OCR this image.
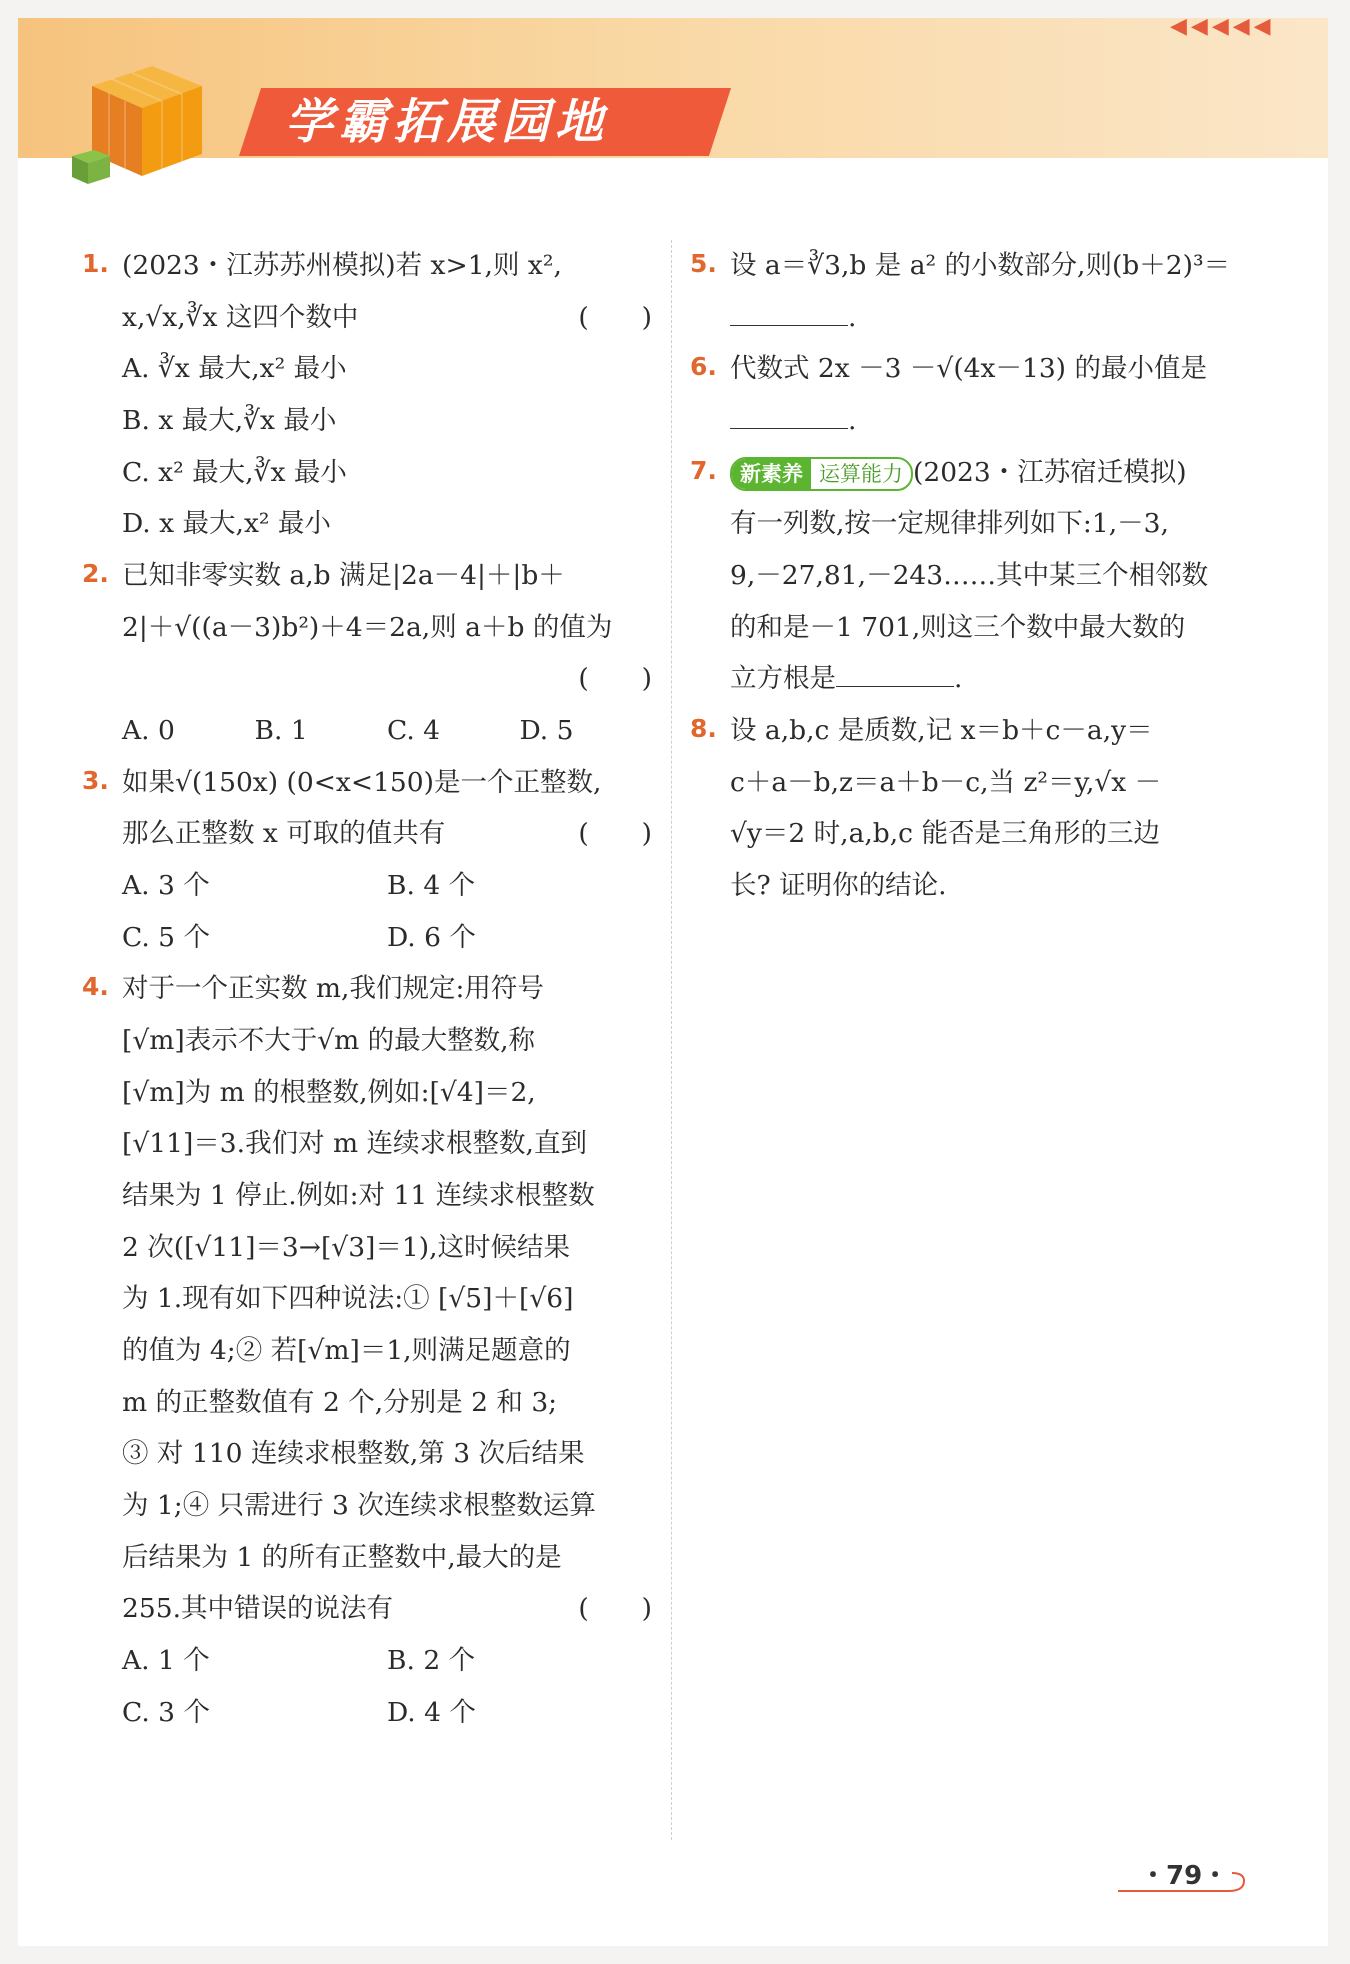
学霸拓展园地
◀◀◀◀◀
1. (2023・江苏苏州模拟)若 x>1,则 x²,
x,√x,∛x 这四个数中	(　　)
A. ∛x 最大,x² 最小
B. x 最大,∛x 最小
C. x² 最大,∛x 最小
D. x 最大,x² 最小
2. 已知非零实数 a,b 满足|2a－4|＋|b＋
2|＋√((a－3)b²)＋4＝2a,则 a＋b 的值为
(　　)

A. 0	B. 1	C. 4	D. 5
3. 如果√(150x) (0<x<150)是一个正整数,
那么正整数 x 可取的值共有	(　　)
A. 3 个	B. 4 个
C. 5 个	D. 6 个
4. 对于一个正实数 m,我们规定:用符号
[√m]表示不大于√m 的最大整数,称
[√m]为 m 的根整数,例如:[√4]＝2,
[√11]＝3.我们对 m 连续求根整数,直到
结果为 1 停止.例如:对 11 连续求根整数
2 次([√11]＝3→[√3]＝1),这时候结果
为 1.现有如下四种说法:① [√5]＋[√6]
的值为 4;② 若[√m]＝1,则满足题意的
m 的正整数值有 2 个,分别是 2 和 3;
③ 对 110 连续求根整数,第 3 次后结果
为 1;④ 只需进行 3 次连续求根整数运算
后结果为 1 的所有正整数中,最大的是
255.其中错误的说法有	(　　)
A. 1 个	B. 2 个
C. 3 个	D. 4 个
5. 设 a＝∛3,b 是 a² 的小数部分,则(b＋2)³＝
.
6. 代数式 2x －3 －√(4x－13) 的最小值是
.
7.	新素养 运算能力 (2023・江苏宿迁模拟)
有一列数,按一定规律排列如下:1,－3,
9,－27,81,－243……其中某三个相邻数
的和是－1 701,则这三个数中最大数的
立方根是	.
8. 设 a,b,c 是质数,记 x＝b＋c－a,y＝
c＋a－b,z＝a＋b－c,当 z²＝y,√x －
√y＝2 时,a,b,c 能否是三角形的三边
长? 证明你的结论.
・79・
